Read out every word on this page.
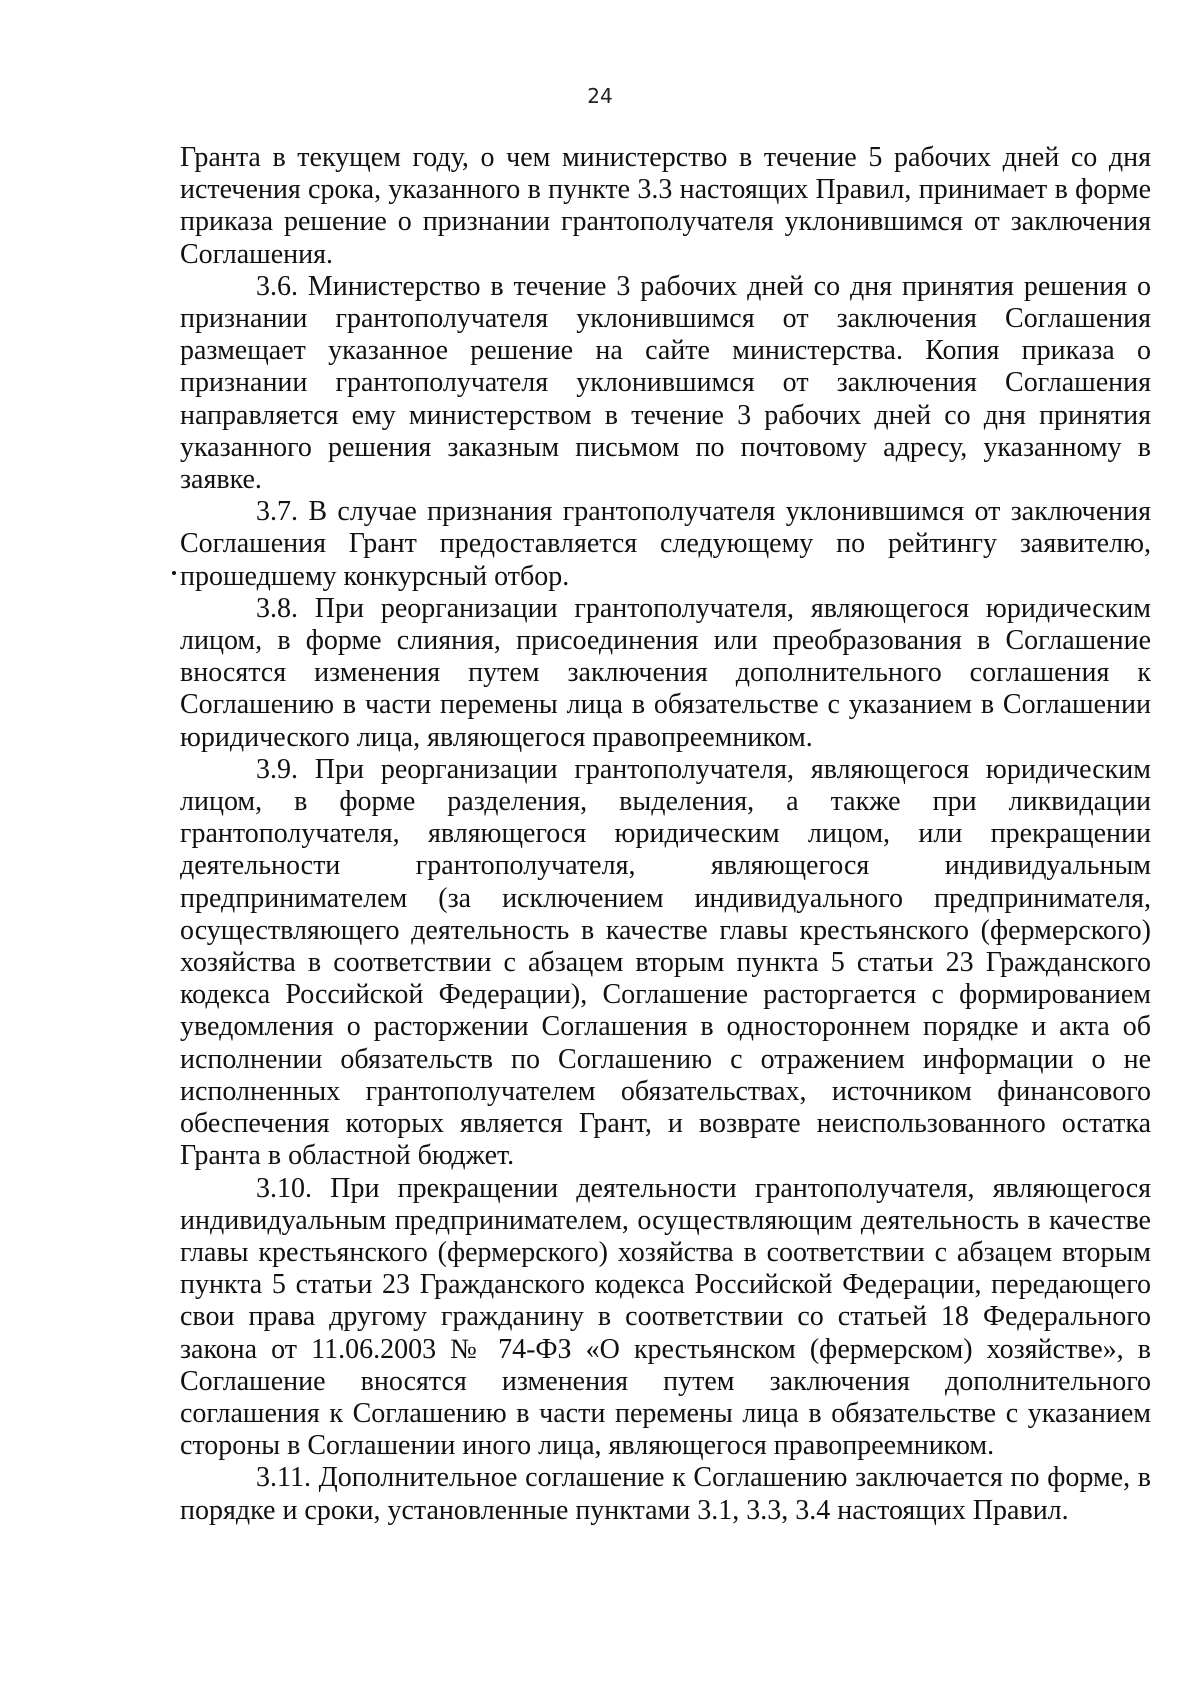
24

Гранта в текущем году, о чем министерство в течение 5 рабочих дней со дня истечения срока, указанного в пункте 3.3 настоящих Правил, принимает в форме приказа решение о признании грантополучателя уклонившимся от заключения Соглашения.

3.6. Министерство в течение 3 рабочих дней со дня принятия решения о признании грантополучателя уклонившимся от заключения Соглашения размещает указанное решение на сайте министерства. Копия приказа о признании грантополучателя уклонившимся от заключения Соглашения направляется ему министерством в течение 3 рабочих дней со дня принятия указанного решения заказным письмом по почтовому адресу, указанному в заявке.

3.7. В случае признания грантополучателя уклонившимся от заключения Соглашения Грант предоставляется следующему по рейтингу заявителю, прошедшему конкурсный отбор.

3.8. При реорганизации грантополучателя, являющегося юридическим лицом, в форме слияния, присоединения или преобразования в Соглашение вносятся изменения путем заключения дополнительного соглашения к Соглашению в части перемены лица в обязательстве с указанием в Соглашении юридического лица, являющегося правопреемником.

3.9. При реорганизации грантополучателя, являющегося юридическим лицом, в форме разделения, выделения, а также при ликвидации грантополучателя, являющегося юридическим лицом, или прекращении деятельности грантополучателя, являющегося индивидуальным предпринимателем (за исключением индивидуального предпринимателя, осуществляющего деятельность в качестве главы крестьянского (фермерского) хозяйства в соответствии с абзацем вторым пункта 5 статьи 23 Гражданского кодекса Российской Федерации), Соглашение расторгается с формированием уведомления о расторжении Соглашения в одностороннем порядке и акта об исполнении обязательств по Соглашению с отражением информации о не исполненных грантополучателем обязательствах, источником финансового обеспечения которых является Грант, и возврате неиспользованного остатка Гранта в областной бюджет.

3.10. При прекращении деятельности грантополучателя, являющегося индивидуальным предпринимателем, осуществляющим деятельность в качестве главы крестьянского (фермерского) хозяйства в соответствии с абзацем вторым пункта 5 статьи 23 Гражданского кодекса Российской Федерации, передающего свои права другому гражданину в соответствии со статьей 18 Федерального закона от 11.06.2003 № 74-ФЗ «О крестьянском (фермерском) хозяйстве», в Соглашение вносятся изменения путем заключения дополнительного соглашения к Соглашению в части перемены лица в обязательстве с указанием стороны в Соглашении иного лица, являющегося правопреемником.

3.11. Дополнительное соглашение к Соглашению заключается по форме, в порядке и сроки, установленные пунктами 3.1, 3.3, 3.4 настоящих Правил.
